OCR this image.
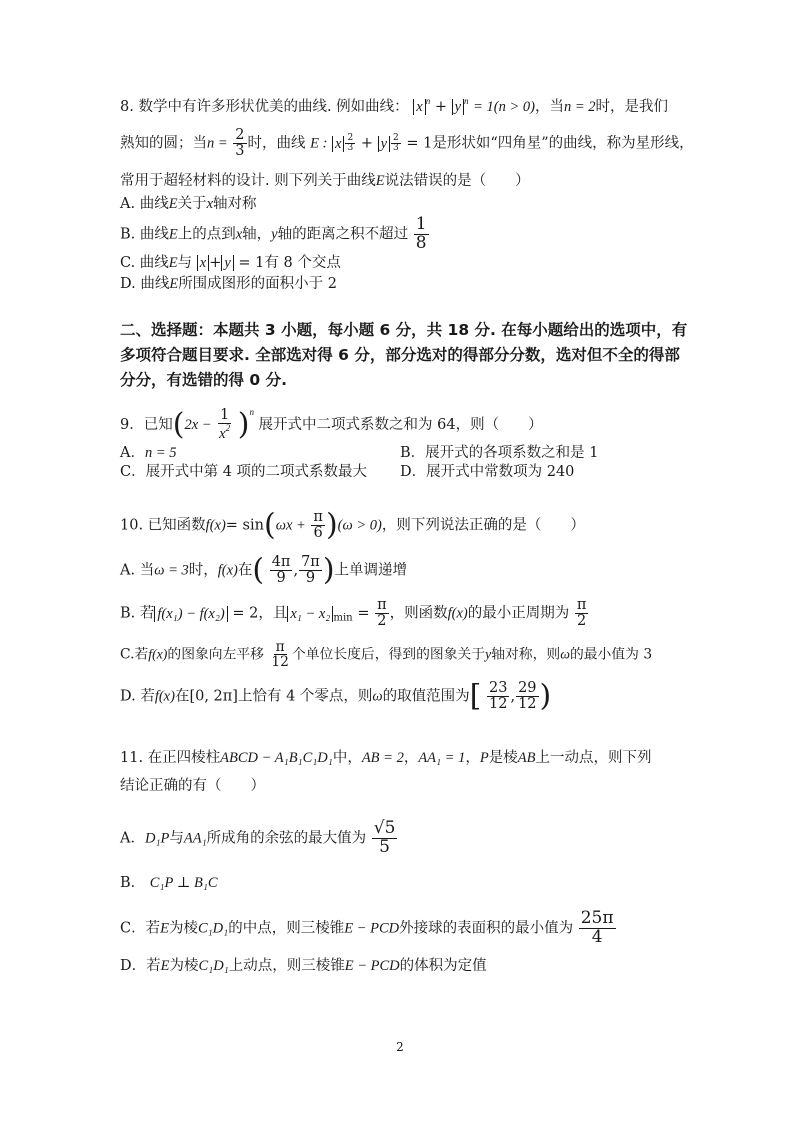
8. 数学中有许多形状优美的曲线. 例如曲线： x $^n$ + y $^n$ = 1(n > 0)，当n = 2时，是我们
熟知的圆；当$n = \frac{2}{3}$ 时，曲线 E : x $\frac{2}{3} + y \frac{2}{3} = 1$是形状如“四角星”的曲线，称为星形线，
常用于超轻材料的设计. 则下列关于曲线E说法错误的是（　　）
A. 曲线E关于x轴对称
B. 曲线E上的点到x轴，y轴的距离之积不超过 $\frac{1}{8}$
C. 曲线E与 x + y = 1有 8 个交点
D. 曲线E所围成图形的面积小于 2
二、选择题：本题共 3 小题，每小题 6 分，共 18 分. 在每小题给出的选项中，有多项符合题目要求. 全部选对得 6 分，部分选对的得部分分数，选对但不全的得部分分，有选错的得 0 分.
9．已知$(2x - \frac{1}{x^2} )^n$ 展开式中二项式系数之和为 64，则（　　）
A．n = 5	B．展开式的各项系数之和是 1
C．展开式中第 4 项的二项式系数最大 D．展开式中常数项为 240
10. 已知函数$f(x)= \sin(\omega x + \frac{\pi}{6} )(\omega > 0)$，则下列说法正确的是（　　）
A. 当ω = 3时，f(x)在( $\frac{4\pi}{9}$ , $\frac{7\pi}{9}$ )上单调递增
B. 若 f(x₁) − f(x₂) = 2，且 x₁ − x₂ $_{min} = \frac{\pi}{2}$ ，则函数f(x)的最小正周期为 $\frac{\pi}{2}$
C.若f(x)的图象向左平移 $\frac{\pi}{12}$ 个单位长度后，得到的图象关于y轴对称，则ω的最小值为 3
D. 若f(x)在[0, 2π]上恰有 4 个零点，则ω的取值范围为[ $\frac{23}{12}$ , $\frac{29}{12}$ )
11. 在正四棱柱ABCD − A₁B₁C₁D₁中，AB = 2，AA₁ = 1，P是棱AB上一动点，则下列
结论正确的有（　　）
A．D₁P与AA₁所成角的余弦的最大值为 $\frac{√5}{5}$
B． C₁P ⊥ B₁C
C．若E为棱C₁D₁的中点，则三棱锥E − PCD外接球的表面积的最小值为 $\frac{25\pi}{4}$
D．若E为棱C₁D₁上动点，则三棱锥E − PCD的体积为定值
2
